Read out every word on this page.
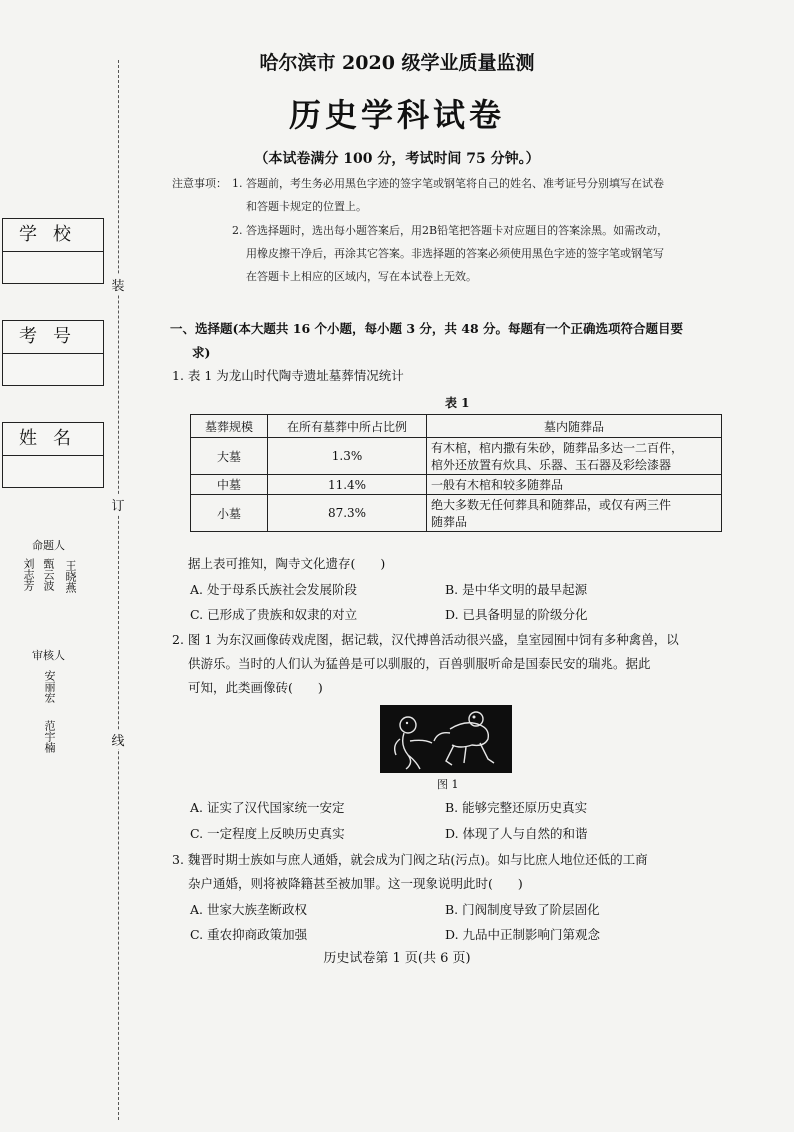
学校
考号
姓名
装
订
线
命题人
刘志芳 甄云波 王晓燕
审核人
安丽宏
范宇楠
哈尔滨市 2020 级学业质量监测
历史学科试卷
（本试卷满分 100 分，考试时间 75 分钟。）
注意事项： 1. 答题前，考生务必用黑色字迹的签字笔或钢笔将自己的姓名、准考证号分别填写在试卷
和答题卡规定的位置上。
2. 答选择题时，选出每小题答案后，用2B铅笔把答题卡对应题目的答案涂黑。如需改动，
用橡皮擦干净后，再涂其它答案。非选择题的答案必须使用黑色字迹的签字笔或钢笔写
在答题卡上相应的区域内，写在本试卷上无效。
一、选择题(本大题共 16 个小题，每小题 3 分，共 48 分。每题有一个正确选项符合题目要
求)
1. 表 1 为龙山时代陶寺遗址墓葬情况统计
表 1
墓葬规模	在所有墓葬中所占比例	墓内随葬品
大墓	1.3%	有木棺，棺内撒有朱砂，随葬品多达一二百件，
棺外还放置有炊具、乐器、玉石器及彩绘漆器

中墓	11.4%	一般有木棺和较多随葬品
小墓	87.3%	绝大多数无任何葬具和随葬品，或仅有两三件
随葬品
据上表可推知，陶寺文化遗存(　　)
A. 处于母系氏族社会发展阶段	B. 是中华文明的最早起源
C. 已形成了贵族和奴隶的对立	D. 已具备明显的阶级分化
2. 图 1 为东汉画像砖戏虎图，据记载，汉代搏兽活动很兴盛，皇室园囿中饲有多种禽兽，以
供游乐。当时的人们认为猛兽是可以驯服的，百兽驯服听命是国泰民安的瑞兆。据此
可知，此类画像砖(　　)
图 1
A. 证实了汉代国家统一安定	B. 能够完整还原历史真实
C. 一定程度上反映历史真实	D. 体现了人与自然的和谐
3. 魏晋时期士族如与庶人通婚，就会成为门阀之玷(污点)。如与比庶人地位还低的工商
杂户通婚，则将被降籍甚至被加罪。这一现象说明此时(　　)
A. 世家大族垄断政权	B. 门阀制度导致了阶层固化
C. 重农抑商政策加强	D. 九品中正制影响门第观念
历史试卷第 1 页(共 6 页)
